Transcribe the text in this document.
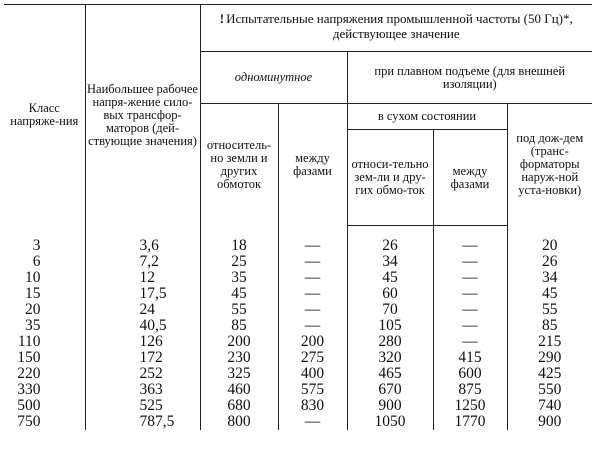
Класс напряже-ния	Наибольшее рабочее напря-жение сило-вых трансфор-маторов (дей-ствующие значения)	! Испытательные напряжения промышленной частоты (50 Гц)*, действующее значение				
		одноминутное		при плавном подъеме (для внешней изоляции)		
		относитель-но земли и других обмоток	между фазами	в сухом состоянии		под дож-дем (транс-форматоры наруж-ной уста-новки)
				относи-тельно зем-ли и дру-гих обмо-ток	между фазами	
3	3,6	18	—	26	—	20
6	7,2	25	—	34	—	26
10	12	35	—	45	—	34
15	17,5	45	—	60	—	45
20	24	55	—	70	—	55
35	40,5	85	—	105	—	85
110	126	200	200	280	—	215
150	172	230	275	320	415	290
220	252	325	400	465	600	425
330	363	460	575	670	875	550
500	525	680	830	900	1250	740
750	787,5	800	—	1050	1770	900
